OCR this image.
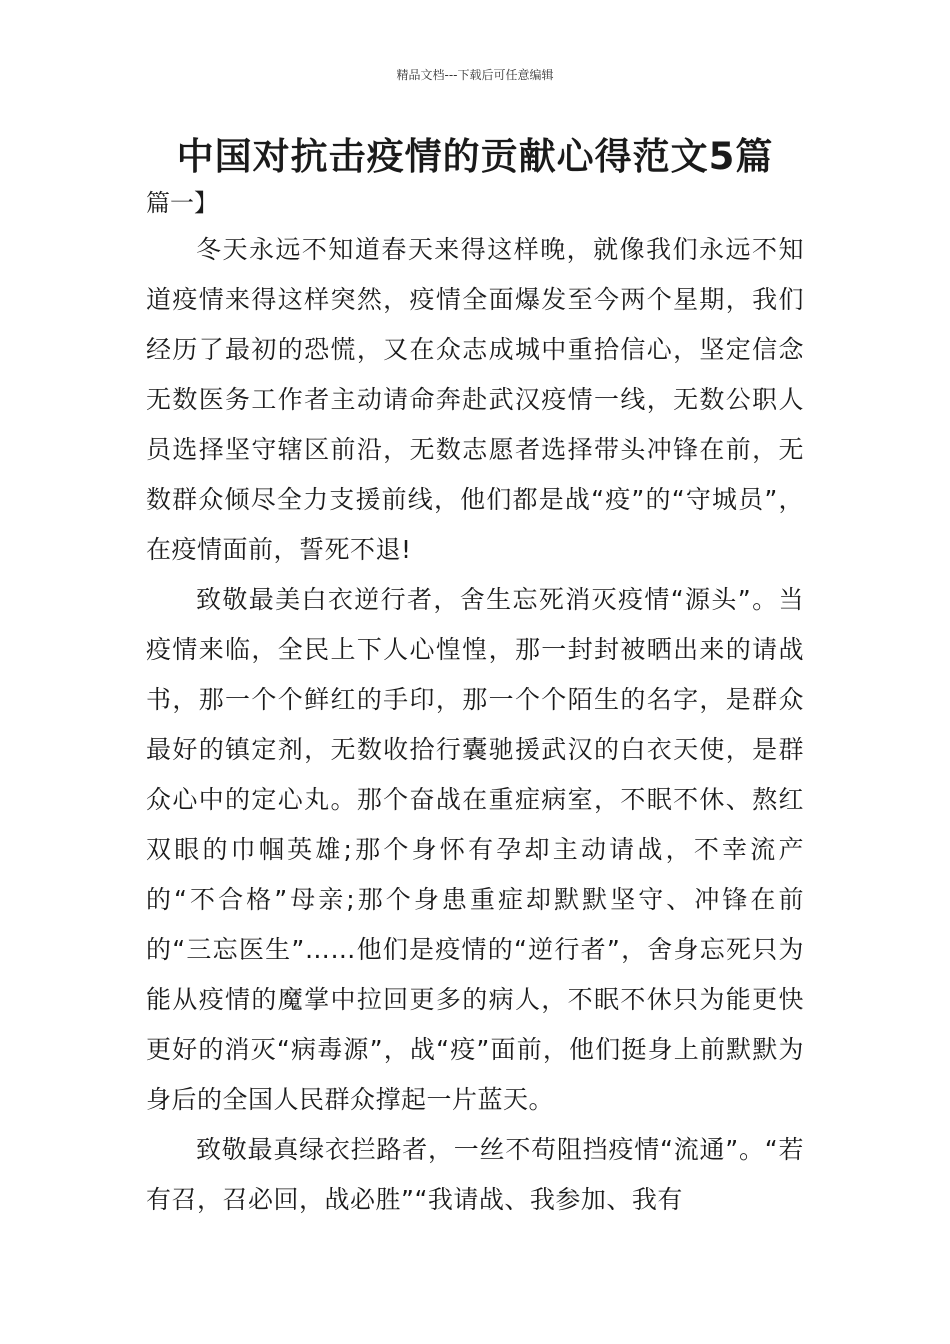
精品文档---下载后可任意编辑
中国对抗击疫情的贡献心得范文5篇
篇一】

冬天永远不知道春天来得这样晚，就像我们永远不知道疫情来得这样突然，疫情全面爆发至今两个星期，我们经历了最初的恐慌，又在众志成城中重拾信心，坚定信念无数医务工作者主动请命奔赴武汉疫情一线，无数公职人员选择坚守辖区前沿，无数志愿者选择带头冲锋在前，无数群众倾尽全力支援前线，他们都是战“疫”的“守城员”，在疫情面前，誓死不退!

致敬最美白衣逆行者，舍生忘死消灭疫情“源头”。当疫情来临，全民上下人心惶惶，那一封封被晒出来的请战书，那一个个鲜红的手印，那一个个陌生的名字，是群众最好的镇定剂，无数收拾行囊驰援武汉的白衣天使，是群众心中的定心丸。那个奋战在重症病室，不眠不休、熬红双眼的巾帼英雄;那个身怀有孕却主动请战，不幸流产的“不合格”母亲;那个身患重症却默默坚守、冲锋在前的“三忘医生”……他们是疫情的“逆行者”，舍身忘死只为能从疫情的魔掌中拉回更多的病人，不眠不休只为能更快更好的消灭“病毒源”，战“疫”面前，他们挺身上前默默为身后的全国人民群众撑起一片蓝天。

致敬最真绿衣拦路者，一丝不苟阻挡疫情“流通”。“若有召，召必回，战必胜”“我请战、我参加、我有
